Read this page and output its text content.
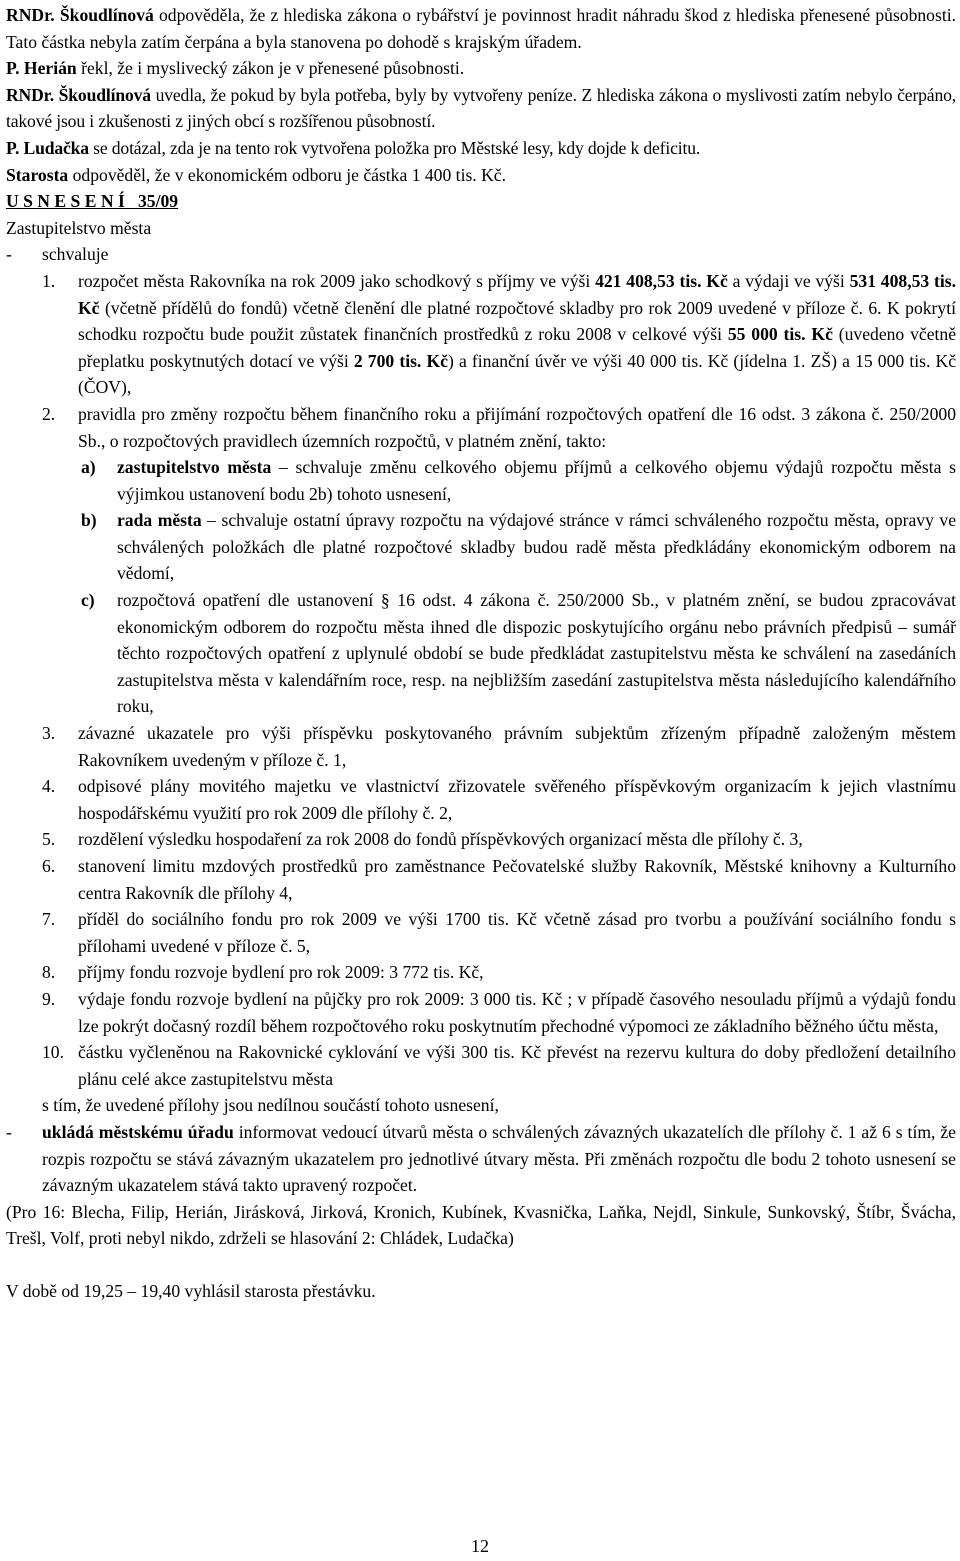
RNDr. Škoudlínová odpověděla, že z hlediska zákona o rybářství je povinnost hradit náhradu škod z hlediska přenesené působnosti. Tato částka nebyla zatím čerpána a byla stanovena po dohodě s krajským úřadem.

P. Herián řekl, že i myslivecký zákon je v přenesené působnosti.

RNDr. Škoudlínová uvedla, že pokud by byla potřeba, byly by vytvořeny peníze. Z hlediska zákona o myslivosti zatím nebylo čerpáno, takové jsou i zkušenosti z jiných obcí s rozšířenou působností.

P. Ludačka se dotázal, zda je na tento rok vytvořena položka pro Městské lesy, kdy dojde k deficitu.

Starosta odpověděl, že v ekonomickém odboru je částka 1 400 tis. Kč.

U S N E S E N Í   35/09

Zastupitelstvo města

-	schvaluje
1.	rozpočet města Rakovníka na rok 2009 jako schodkový s příjmy ve výši 421 408,53 tis. Kč a výdaji ve výši 531 408,53 tis. Kč (včetně přídělů do fondů) včetně členění dle platné rozpočtové skladby pro rok 2009 uvedené v příloze č. 6. K pokrytí schodku rozpočtu bude použit zůstatek finančních prostředků z roku 2008 v celkové výši 55 000 tis. Kč (uvedeno včetně přeplatku poskytnutých dotací ve výši 2 700 tis. Kč) a finanční úvěr ve výši 40 000 tis. Kč (jídelna 1. ZŠ) a 15 000 tis. Kč (ČOV),
2.	pravidla pro změny rozpočtu během finančního roku a přijímání rozpočtových opatření dle 16 odst. 3 zákona č. 250/2000 Sb., o rozpočtových pravidlech územních rozpočtů, v platném znění, takto:
a)	zastupitelstvo města – schvaluje změnu celkového objemu příjmů a celkového objemu výdajů rozpočtu města s výjimkou ustanovení bodu 2b) tohoto usnesení,
b)	rada města – schvaluje ostatní úpravy rozpočtu na výdajové stránce v rámci schváleného rozpočtu města, opravy ve schválených položkách dle platné rozpočtové skladby budou radě města předkládány ekonomickým odborem na vědomí,
c)	rozpočtová opatření dle ustanovení § 16 odst. 4 zákona č. 250/2000 Sb., v platném znění, se budou zpracovávat ekonomickým odborem do rozpočtu města ihned dle dispozic poskytujícího orgánu nebo právních předpisů – sumář těchto rozpočtových opatření z uplynulé období se bude předkládat zastupitelstvu města ke schválení na zasedáních zastupitelstva města v kalendářním roce, resp. na nejbližším zasedání zastupitelstva města následujícího kalendářního roku,
3.	závazné ukazatele pro výši příspěvku poskytovaného právním subjektům zřízeným případně založeným městem Rakovníkem uvedeným v příloze č. 1,
4.	odpisové plány movitého majetku ve vlastnictví zřizovatele svěřeného příspěvkovým organizacím k jejich vlastnímu hospodářskému využití pro rok 2009 dle přílohy č. 2,
5.	rozdělení výsledku hospodaření za rok 2008 do fondů příspěvkových organizací města dle přílohy č. 3,
6.	stanovení limitu mzdových prostředků pro zaměstnance Pečovatelské služby Rakovník, Městské knihovny a Kulturního centra Rakovník dle přílohy 4,
7.	příděl do sociálního fondu pro rok 2009 ve výši 1700 tis. Kč včetně zásad pro tvorbu a používání sociálního fondu s přílohami uvedené v příloze č. 5,
8.	příjmy fondu rozvoje bydlení pro rok 2009: 3 772 tis. Kč,
9.	výdaje fondu rozvoje bydlení na půjčky pro rok 2009: 3 000 tis. Kč ; v případě časového nesouladu příjmů a výdajů fondu lze pokrýt dočasný rozdíl během rozpočtového roku poskytnutím přechodné výpomoci ze základního běžného účtu města,
10. částku vyčleněnou na Rakovnické cyklování ve výši 300 tis. Kč převést na rezervu kultura do doby předložení detailního plánu celé akce zastupitelstvu města

s tím, že uvedené přílohy jsou nedílnou součástí tohoto usnesení,

-	ukládá městskému úřadu informovat vedoucí útvarů města o schválených závazných ukazatelích dle přílohy č. 1 až 6 s tím, že rozpis rozpočtu se stává závazným ukazatelem pro jednotlivé útvary města. Při změnách rozpočtu dle bodu 2 tohoto usnesení se závazným ukazatelem stává takto upravený rozpočet.

(Pro 16: Blecha, Filip, Herián, Jirásková, Jirková, Kronich, Kubínek, Kvasnička, Laňka, Nejdl, Sinkule, Sunkovský, Štíbr, Švácha, Trešl, Volf, proti nebyl nikdo, zdrželi se hlasování 2: Chládek, Ludačka)

V době od 19,25 – 19,40 vyhlásil starosta přestávku.

12
